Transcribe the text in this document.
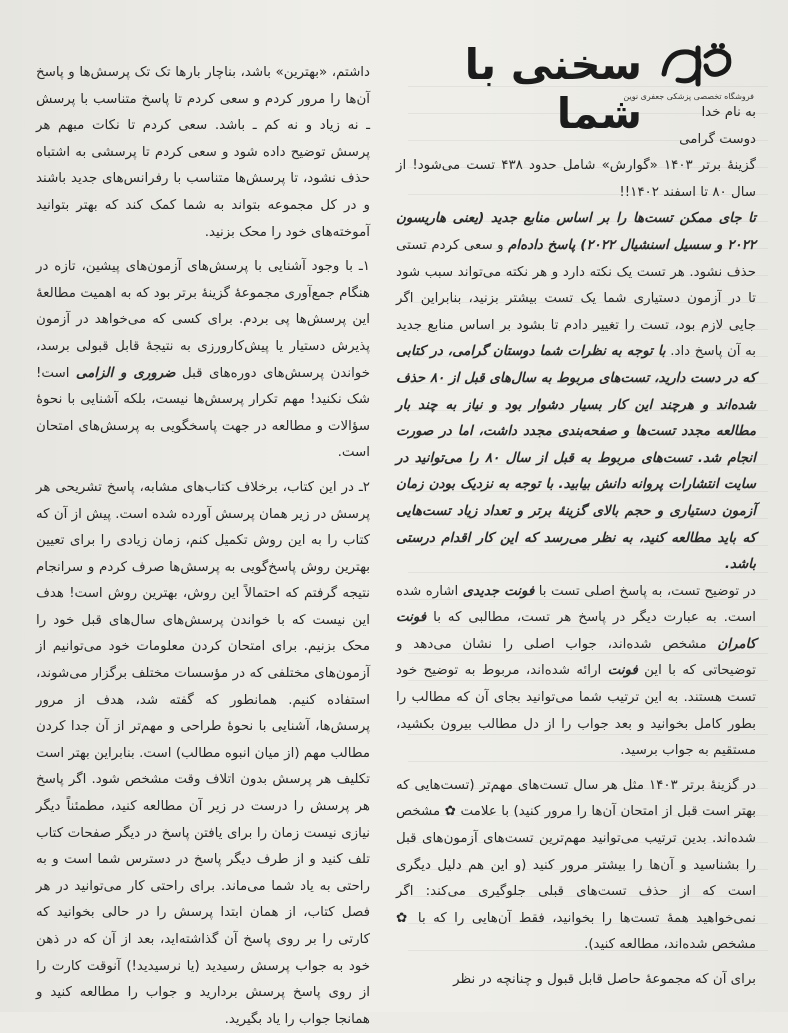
سخنی با شما
فروشگاه تخصصی پزشکی جعفری نوین

به نام خدا

دوست گرامی

گزینهٔ برتر ۱۴۰۳ «گوارش» شامل حدود ۴۳۸ تست می‌شود! از سال ۸۰ تا اسفند ۱۴۰۲!!

تا جای ممکن تست‌ها را بر اساس منابع جدید (یعنی هاریسون ۲۰۲۲ و سسیل اسنشیال ۲۰۲۲) پاسخ داده‌ام و سعی کردم تستی حذف نشود. هر تست یک نکته دارد و هر نکته می‌تواند سبب شود تا در آزمون دستیاری شما یک تست بیشتر بزنید، بنابراین اگر جایی لازم بود، تست را تغییر دادم تا بشود بر اساس منابع جدید به آن پاسخ داد. با توجه به نظرات شما دوستان گرامی، در کتابی که در دست دارید، تست‌های مربوط به سال‌های قبل از ۸۰ حذف شده‌اند و هرچند این کار بسیار دشوار بود و نیاز به چند بار مطالعه مجدد تست‌ها و صفحه‌بندی مجدد داشت، اما در صورت انجام شد. تست‌های مربوط به قبل از سال ۸۰ را می‌توانید در سایت انتشارات پروانه دانش بیابید. با توجه به نزدیک بودن زمان آزمون دستیاری و حجم بالای گزینهٔ برتر و تعداد زیاد تست‌هایی که باید مطالعه کنید، به نظر می‌رسد که این کار اقدام درستی باشد.

در توضیح تست، به پاسخ اصلی تست با فونت جدیدی اشاره شده است. به عبارت دیگر در پاسخ هر تست، مطالبی که با فونت کامران مشخص شده‌اند، جواب اصلی را نشان می‌دهد و توضیحاتی که با این فونت ارائه شده‌اند، مربوط به توضیح خود تست هستند. به این ترتیب شما می‌توانید بجای آن که مطالب را بطور کامل بخوانید و بعد جواب را از دل مطالب بیرون بکشید، مستقیم به جواب برسید.

در گزینهٔ برتر ۱۴۰۳ مثل هر سال تست‌های مهم‌تر (تست‌هایی که بهتر است قبل از امتحان آن‌ها را مرور کنید) با علامت ✿ مشخص شده‌اند. بدین ترتیب می‌توانید مهم‌ترین تست‌های آزمون‌های قبل را بشناسید و آن‌ها را بیشتر مرور کنید (و این هم دلیل دیگری است که از حذف تست‌های قبلی جلوگیری می‌کند: اگر نمی‌خواهید همهٔ تست‌ها را بخوانید، فقط آن‌هایی را که با ✿ مشخص شده‌اند، مطالعه کنید).

برای آن که مجموعهٔ حاصل قابل قبول و چنانچه در نظر

داشتم، «بهترین» باشد، بناچار بارها تک تک پرسش‌ها و پاسخ آن‌ها را مرور کردم و سعی کردم تا پاسخ متناسب با پرسش ـ نه زیاد و نه کم ـ باشد. سعی کردم تا نکات مبهم هر پرسش توضیح داده شود و سعی کردم تا پرسشی به اشتباه حذف نشود، تا پرسش‌ها متناسب با رفرانس‌های جدید باشند و در کل مجموعه بتواند به شما کمک کند که بهتر بتوانید آموخته‌های خود را محک بزنید.

۱ـ با وجود آشنایی با پرسش‌های آزمون‌های پیشین، تازه در هنگام جمع‌آوری مجموعهٔ گزینهٔ برتر بود که به اهمیت مطالعهٔ این پرسش‌ها پی بردم. برای کسی که می‌خواهد در آزمون پذیرش دستیار یا پیش‌کارورزی به نتیجهٔ قابل قبولی برسد، خواندن پرسش‌های دوره‌های قبل ضروری و الزامی است! شک نکنید! مهم تکرار پرسش‌ها نیست، بلکه آشنایی با نحوهٔ سؤالات و مطالعه در جهت پاسخگویی به پرسش‌های امتحان است.

۲ـ در این کتاب، برخلاف کتاب‌های مشابه، پاسخ تشریحی هر پرسش در زیر همان پرسش آورده شده است. پیش از آن که کتاب را به این روش تکمیل کنم، زمان زیادی را برای تعیین بهترین روش پاسخ‌گویی به پرسش‌ها صرف کردم و سرانجام نتیجه گرفتم که احتمالاً این روش، بهترین روش است! هدف این نیست که با خواندن پرسش‌های سال‌های قبل خود را محک بزنیم. برای امتحان کردن معلومات خود می‌توانیم از آزمون‌های مختلفی که در مؤسسات مختلف برگزار می‌شوند، استفاده کنیم. همانطور که گفته شد، هدف از مرور پرسش‌ها، آشنایی با نحوهٔ طراحی و مهم‌تر از آن جدا کردن مطالب مهم (از میان انبوه مطالب) است. بنابراین بهتر است تکلیف هر پرسش بدون اتلاف وقت مشخص شود. اگر پاسخ هر پرسش را درست در زیر آن مطالعه کنید، مطمئناً دیگر نیازی نیست زمان را برای یافتن پاسخ در دیگر صفحات کتاب تلف کنید و از طرف دیگر پاسخ در دسترس شما است و به راحتی به یاد شما می‌ماند. برای راحتی کار می‌توانید در هر فصل کتاب، از همان ابتدا پرسش را در حالی بخوانید که کارتی را بر روی پاسخ آن گذاشته‌اید، بعد از آن که در ذهن خود به جواب پرسش رسیدید (یا نرسیدید!) آنوقت کارت را از روی پاسخ پرسش بردارید و جواب را مطالعه کنید و همانجا جواب را یاد بگیرید.
